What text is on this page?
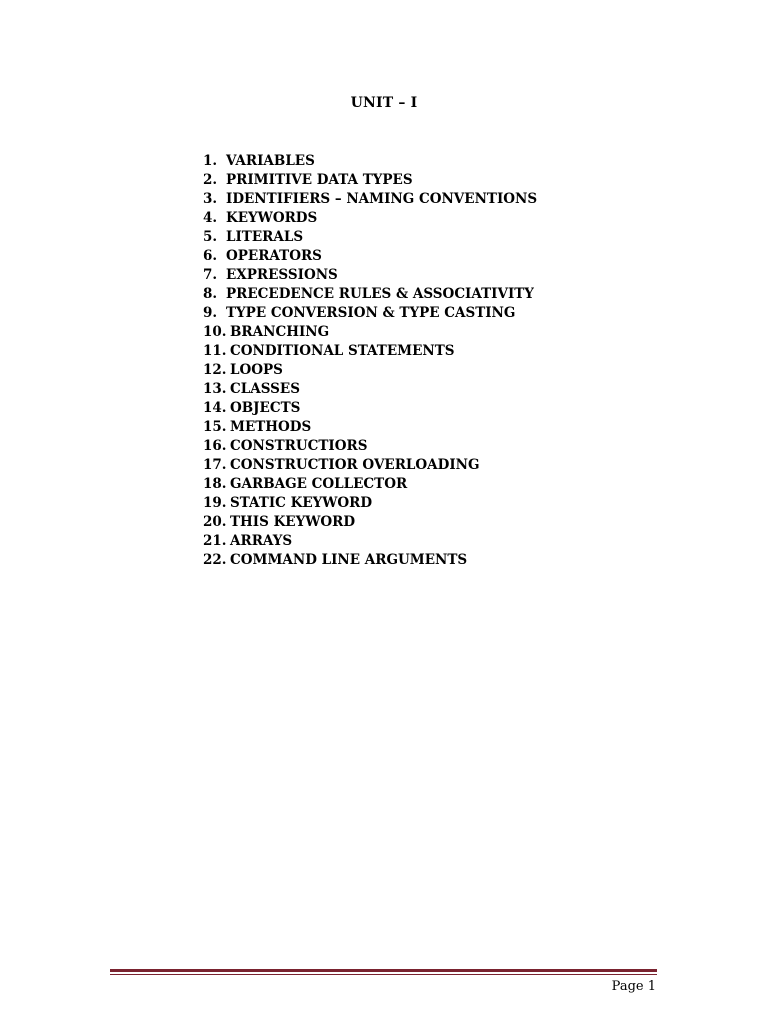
UNIT – I
1. VARIABLES
2. PRIMITIVE DATA TYPES
3. IDENTIFIERS – NAMING CONVENTIONS
4. KEYWORDS
5. LITERALS
6. OPERATORS
7. EXPRESSIONS
8. PRECEDENCE RULES & ASSOCIATIVITY
9. TYPE CONVERSION & TYPE CASTING
10. BRANCHING
11. CONDITIONAL STATEMENTS
12. LOOPS
13. CLASSES
14. OBJECTS
15. METHODS
16. CONSTRUCTIORS
17. CONSTRUCTIOR OVERLOADING
18. GARBAGE COLLECTOR
19. STATIC KEYWORD
20. THIS KEYWORD
21. ARRAYS
22. COMMAND LINE ARGUMENTS
Page 1
